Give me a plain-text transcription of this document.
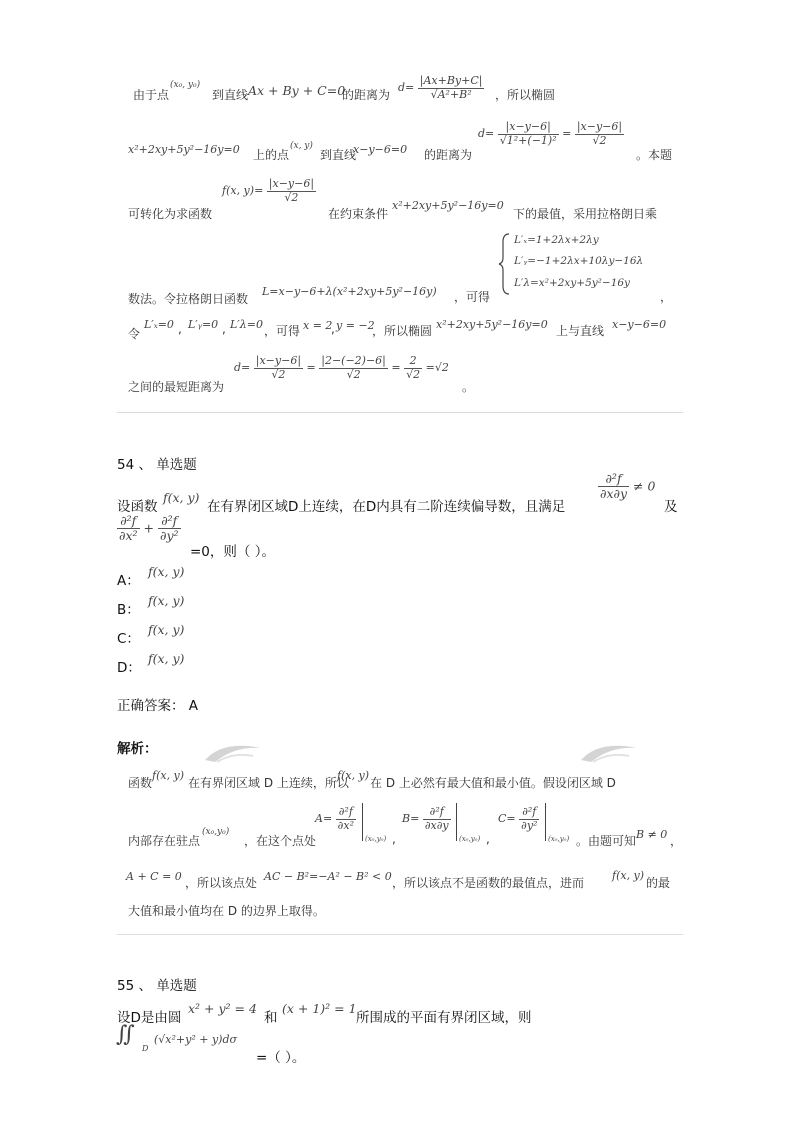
由于点
(x₀, y₀)
到直线 Ax + By + C=0
的距离为
$d= \frac{|Ax+By+C|}{\text{√A²+B²}}$ ，所以椭圆
x²+2xy+5y²−16y=0 上的点
(x, y)
到直线
x−y−6=0 的距离为
$d= \frac{|x-y-6|}{\text{√1²+(−1)²}} = \frac{|x-y-6|}{√2}$
。本题
可转化为求函数
f(x, $y)= \frac{|x-y-6|}{√2}$
在约束条件
x²+2xy+5y²−16y=0
下的最值，采用拉格朗日乘
L′ₓ=1+2λx+2λy
L′ᵧ=−1+2λx+10λy−16λ
L′λ=x²+2xy+5y²−16y
数法。令拉格朗日函数
L=x−y−6+λ(x²+2xy+5y²−16y) ，可得	，
令
L′ₓ=0 , L′ᵧ=0 , L′λ=0 ，可得 x = 2
, y = −2
，所以椭圆 x²+2xy+5y²−16y=0 上与直线 x−y−6=0
之间的最短距离为
$d= \frac{|x-y-6|}{√2} = \frac{|2-(-2)-6|}{√2} = \frac{2}{√2} =√2$
。
54 、 单选题
设函数
f(x, y)
在有界闭区域D上连续，在D内具有二阶连续偏导数，且满足
$\frac{\text{∂²f}}{\partial x\partial y} \ne 0$
及
$\frac{\text{∂²f}}{\text{∂x²}} + \frac{\text{∂²f}}{\text{∂y²}}$
=0，则（ ）。
A：
f(x, y)
B：
f(x, y)
C：
f(x, y)
D：
f(x, y)
正确答案： A
解析：
函数
f(x, y)
在有界闭区域 D 上连续，所以
f(x, y)
在 D 上必然有最大值和最小值。假设闭区域 D
内部存在驻点
(x₀,y₀)
，在这个点处
$A= \frac{\text{∂²f}}{\text{∂x²}}$
(x₀,y₀) ,
$B= \frac{\text{∂²f}}{\partial x\partial y}$
(x₀,y₀) ,
$C= \frac{\text{∂²f}}{\text{∂y²}}$
(x₀,y₀) 。由题可知 B ≠ 0 ，
A + C = 0 ，所以该点处 AC − B²=−A² − B² < 0 ，所以该点不是函数的最值点，进而
f(x, y)
的最
大值和最小值均在 D 的边界上取得。
55 、 单选题
设D是由圆
x² + y² = 4
和
(x + 1)² = 1
所围成的平面有界闭区域，则
∬
D
(√x²+y² + y)dσ
=（ ）。
